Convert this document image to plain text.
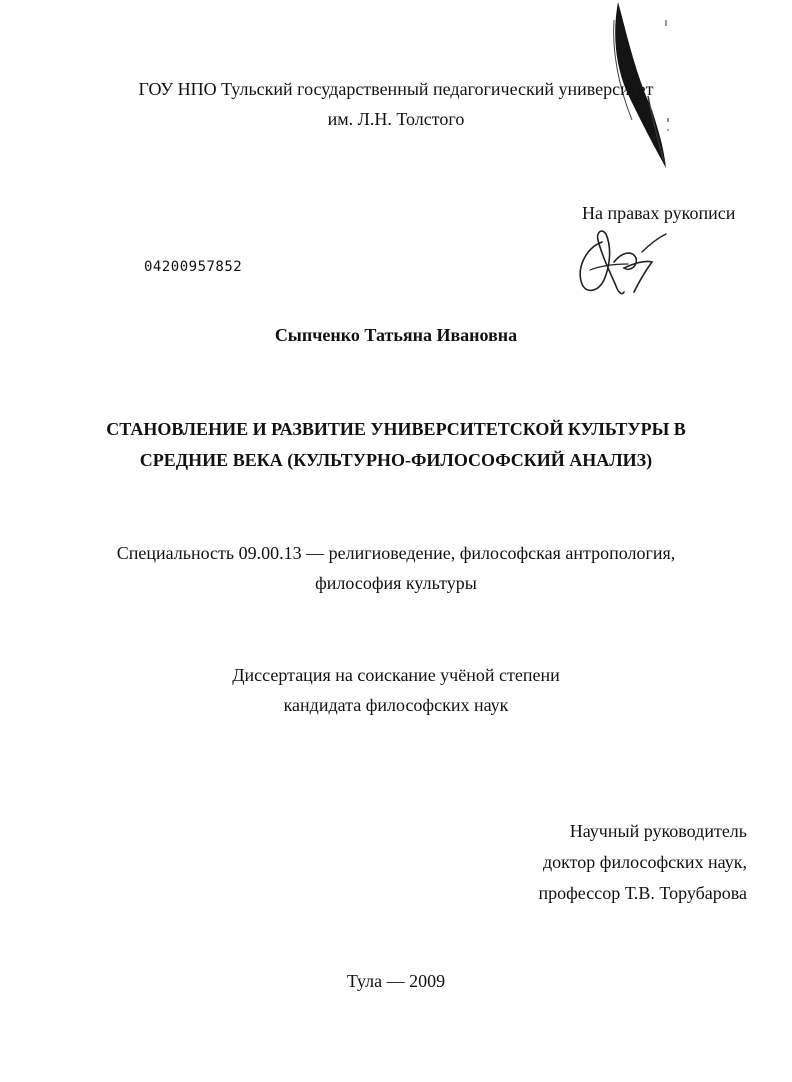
ГОУ НПО Тульский государственный педагогический университет
им. Л.Н. Толстого
На правах рукописи
04200957852
Сыпченко Татьяна Ивановна
СТАНОВЛЕНИЕ И РАЗВИТИЕ УНИВЕРСИТЕТСКОЙ КУЛЬТУРЫ В
СРЕДНИЕ ВЕКА (КУЛЬТУРНО-ФИЛОСОФСКИЙ АНАЛИЗ)
Специальность 09.00.13 — религиоведение, философская антропология,
философия культуры
Диссертация на соискание учёной степени
кандидата философских наук
Научный руководитель
доктор философских наук,
профессор Т.В. Торубарова
Тула — 2009
